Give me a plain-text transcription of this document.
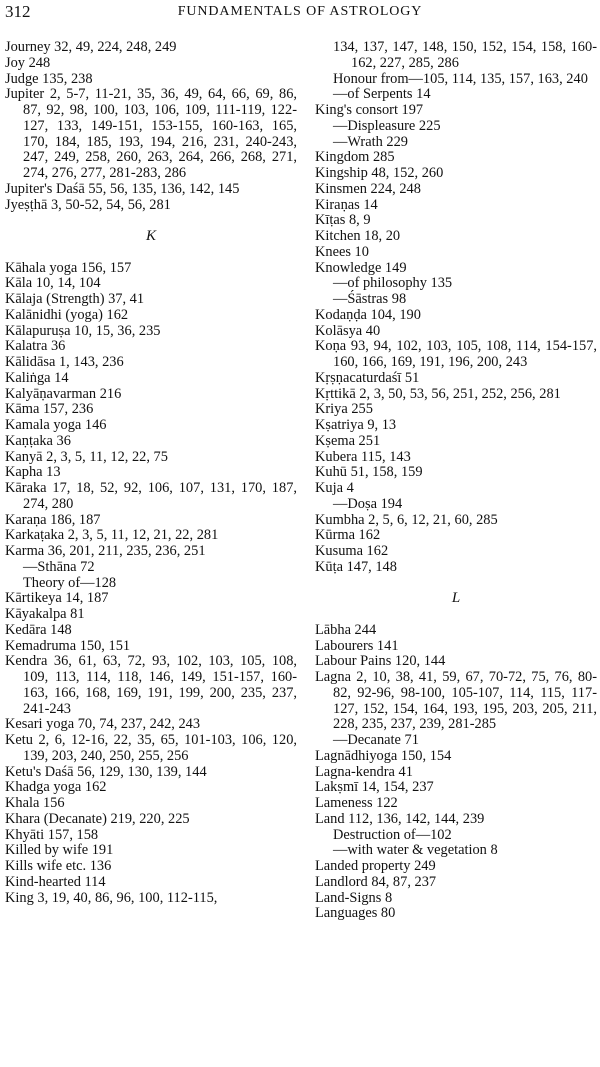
312	FUNDAMENTALS OF ASTROLOGY
Journey 32, 49, 224, 248, 249
Joy 248
Judge 135, 238
Jupiter 2, 5-7, 11-21, 35, 36, 49, 64, 66, 69, 86, 87, 92, 98, 100, 103, 106, 109, 111-119, 122-127, 133, 149-151, 153-155, 160-163, 165, 170, 184, 185, 193, 194, 216, 231, 240-243, 247, 249, 258, 260, 263, 264, 266, 268, 271, 274, 276, 277, 281-283, 286
Jupiter's Daśā 55, 56, 135, 136, 142, 145
Jyeṣṭhā 3, 50-52, 54, 56, 281
K
Kāhala yoga 156, 157
Kāla 10, 14, 104
Kālaja (Strength) 37, 41
Kalānidhi (yoga) 162
Kālapuruṣa 10, 15, 36, 235
Kalatra 36
Kālidāsa 1, 143, 236
Kaliṅga 14
Kalyāṇavarman 216
Kāma 157, 236
Kamala yoga 146
Kaṇṭaka 36
Kanyā 2, 3, 5, 11, 12, 22, 75
Kapha 13
Kāraka 17, 18, 52, 92, 106, 107, 131, 170, 187, 274, 280
Karaṇa 186, 187
Karkaṭaka 2, 3, 5, 11, 12, 21, 22, 281
Karma 36, 201, 211, 235, 236, 251
—Sthāna 72
Theory of—128
Kārtikeya 14, 187
Kāyakalpa 81
Kedāra 148
Kemadruma 150, 151
Kendra 36, 61, 63, 72, 93, 102, 103, 105, 108, 109, 113, 114, 118, 146, 149, 151-157, 160-163, 166, 168, 169, 191, 199, 200, 235, 237, 241-243
Kesari yoga 70, 74, 237, 242, 243
Ketu 2, 6, 12-16, 22, 35, 65, 101-103, 106, 120, 139, 203, 240, 250, 255, 256
Ketu's Daśā 56, 129, 130, 139, 144
Khadga yoga 162
Khala 156
Khara (Decanate) 219, 220, 225
Khyāti 157, 158
Killed by wife 191
Kills wife etc. 136
Kind-hearted 114
King 3, 19, 40, 86, 96, 100, 112-115,
134, 137, 147, 148, 150, 152, 154, 158, 160-162, 227, 285, 286
Honour from—105, 114, 135, 157, 163, 240
—of Serpents 14
King's consort 197
—Displeasure 225
—Wrath 229
Kingdom 285
Kingship 48, 152, 260
Kinsmen 224, 248
Kiraṇas 14
Kīṭas 8, 9
Kitchen 18, 20
Knees 10
Knowledge 149
—of philosophy 135
—Śāstras 98
Kodaṇḍa 104, 190
Kolāsya 40
Koṇa 93, 94, 102, 103, 105, 108, 114, 154-157, 160, 166, 169, 191, 196, 200, 243
Kṛṣṇacaturdaśī 51
Kṛttikā 2, 3, 50, 53, 56, 251, 252, 256, 281
Kriya 255
Kṣatriya 9, 13
Kṣema 251
Kubera 115, 143
Kuhū 51, 158, 159
Kuja 4
—Doṣa 194
Kumbha 2, 5, 6, 12, 21, 60, 285
Kūrma 162
Kusuma 162
Kūṭa 147, 148
L
Lābha 244
Labourers 141
Labour Pains 120, 144
Lagna 2, 10, 38, 41, 59, 67, 70-72, 75, 76, 80-82, 92-96, 98-100, 105-107, 114, 115, 117-127, 152, 154, 164, 193, 195, 203, 205, 211, 228, 235, 237, 239, 281-285
—Decanate 71
Lagnādhiyoga 150, 154
Lagna-kendra 41
Lakṣmī 14, 154, 237
Lameness 122
Land 112, 136, 142, 144, 239
Destruction of—102
—with water & vegetation 8
Landed property 249
Landlord 84, 87, 237
Land-Signs 8
Languages 80
